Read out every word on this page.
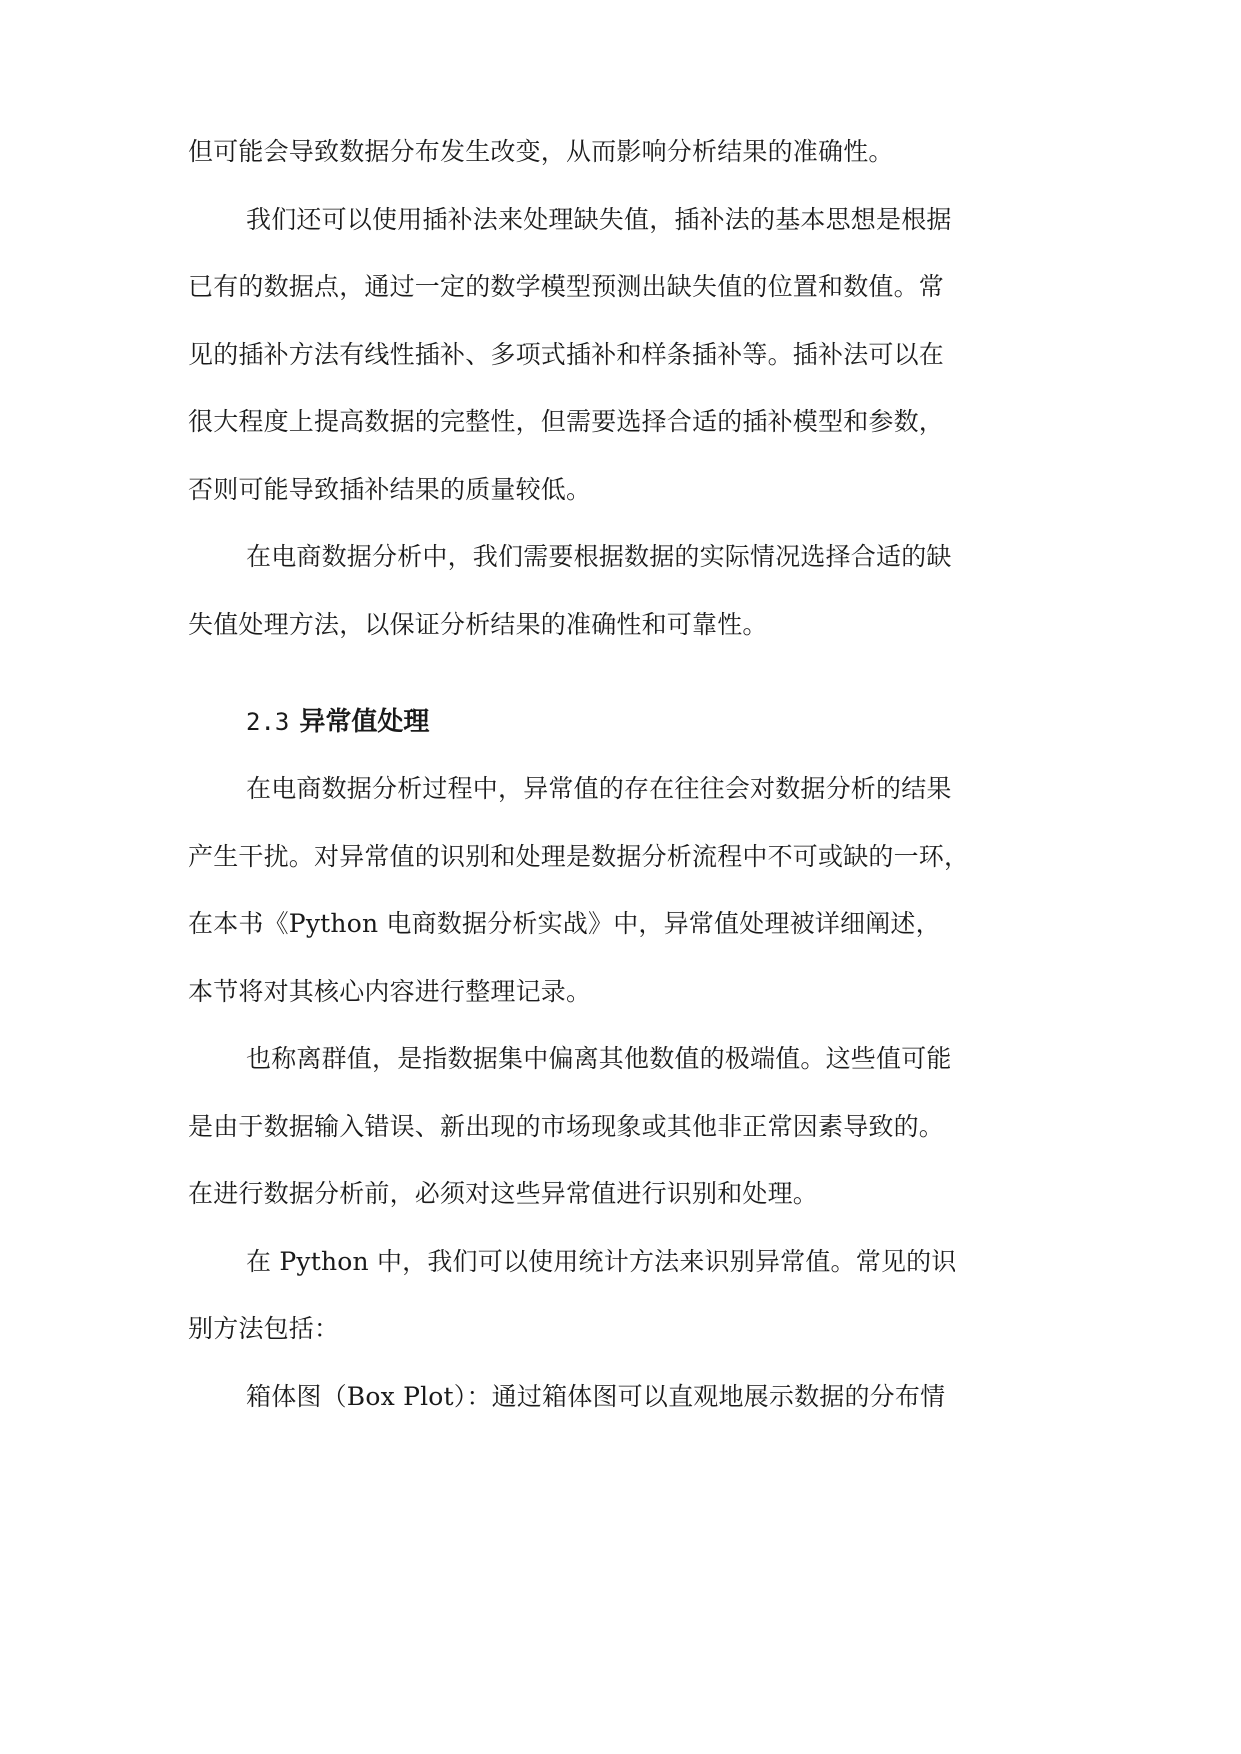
但可能会导致数据分布发生改变，从而影响分析结果的准确性。
我们还可以使用插补法来处理缺失值，插补法的基本思想是根据
已有的数据点，通过一定的数学模型预测出缺失值的位置和数值。常
见的插补方法有线性插补、多项式插补和样条插补等。插补法可以在
很大程度上提高数据的完整性，但需要选择合适的插补模型和参数，
否则可能导致插补结果的质量较低。
在电商数据分析中，我们需要根据数据的实际情况选择合适的缺
失值处理方法，以保证分析结果的准确性和可靠性。
2.3 异常值处理
在电商数据分析过程中，异常值的存在往往会对数据分析的结果
产生干扰。对异常值的识别和处理是数据分析流程中不可或缺的一环，
在本书《Python 电商数据分析实战》中，异常值处理被详细阐述，
本节将对其核心内容进行整理记录。
也称离群值，是指数据集中偏离其他数值的极端值。这些值可能
是由于数据输入错误、新出现的市场现象或其他非正常因素导致的。
在进行数据分析前，必须对这些异常值进行识别和处理。
在 Python 中，我们可以使用统计方法来识别异常值。常见的识
别方法包括：
箱体图（Box Plot）：通过箱体图可以直观地展示数据的分布情
